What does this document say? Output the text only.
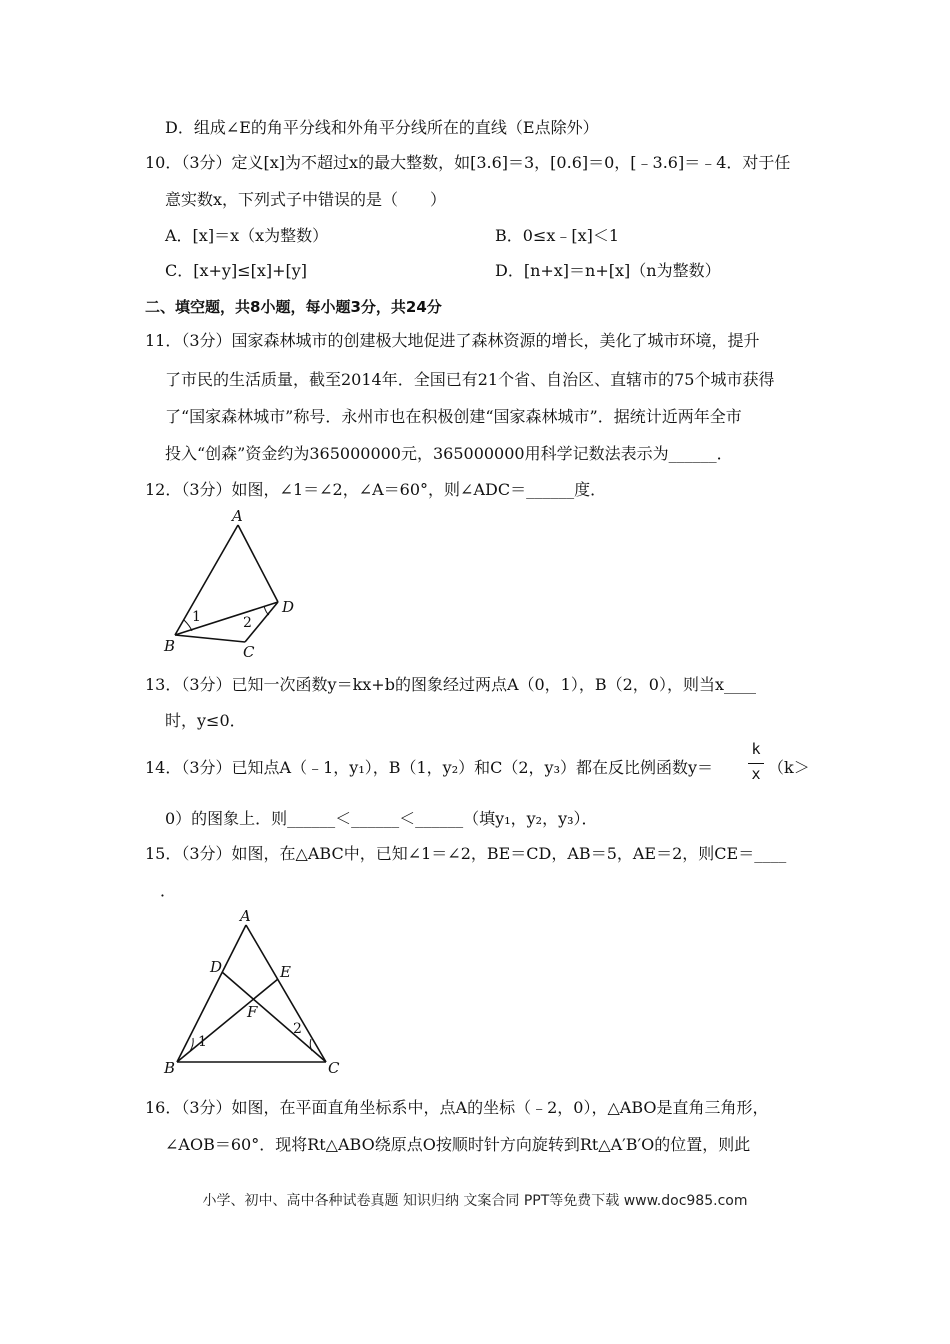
D．组成∠E的角平分线和外角平分线所在的直线（E点除外）
10．（3分）定义[x]为不超过x的最大整数，如[3.6]＝3，[0.6]＝0，[﹣3.6]＝﹣4．对于任
意实数x，下列式子中错误的是（　　）
A．[x]＝x（x为整数）	B．0≤x﹣[x]＜1
C．[x+y]≤[x]+[y]	D．[n+x]＝n+[x]（n为整数）
二、填空题，共8小题，每小题3分，共24分
11．（3分）国家森林城市的创建极大地促进了森林资源的增长，美化了城市环境，提升
了市民的生活质量，截至2014年．全国已有21个省、自治区、直辖市的75个城市获得
了“国家森林城市”称号．永州市也在积极创建“国家森林城市”．据统计近两年全市
投入“创森”资金约为365000000元，365000000用科学记数法表示为______．
12．（3分）如图，∠1＝∠2，∠A＝60°，则∠ADC＝______度．
A
B	C
D
1	2
13．（3分）已知一次函数y＝kx+b的图象经过两点A（0，1），B（2，0），则当x____
时，y≤0．
14．（3分）已知点A（﹣1，y₁），B（1，y₂）和C（2，y₃）都在反比例函数y＝
k
x （k＞
0）的图象上．则______＜______＜______（填y₁，y₂，y₃）．
15．（3分）如图，在△ABC中，已知∠1＝∠2，BE＝CD，AB＝5，AE＝2，则CE＝____
．
A
B	C
D	E
F
1
2
16．（3分）如图，在平面直角坐标系中，点A的坐标（﹣2，0），△ABO是直角三角形，
∠AOB＝60°．现将Rt△ABO绕原点O按顺时针方向旋转到Rt△A′B′O的位置，则此
小学、初中、高中各种试卷真题 知识归纳 文案合同 PPT等免费下载 www.doc985.com
